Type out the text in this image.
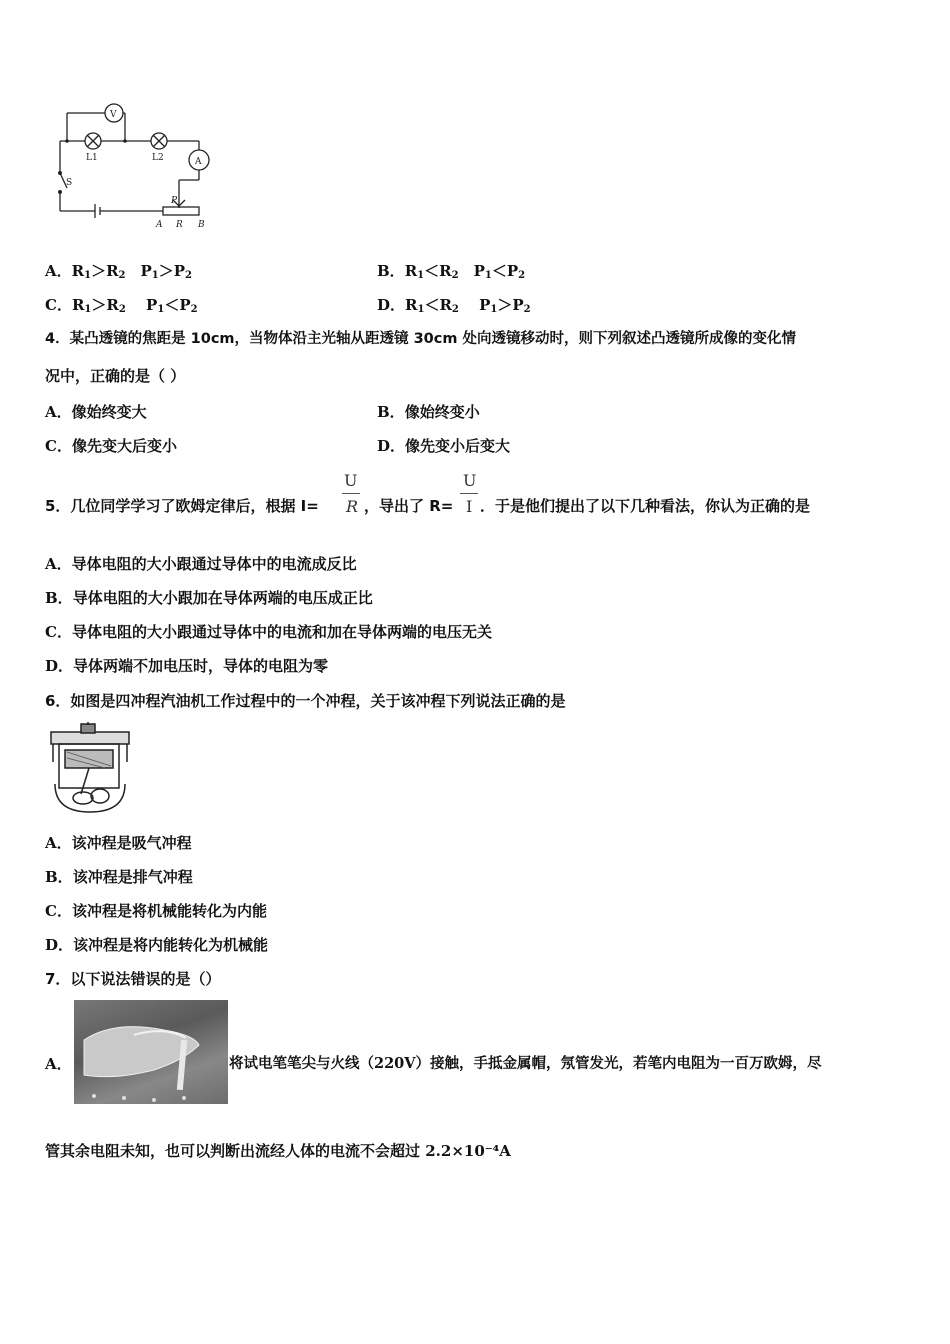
V
A
L1	L2
S
P
A R B
A．$R_1>R_2$　$P_1>P_2$	B．$R_1<R_2$　$P_1<P_2$
C．$R_1>R_2$　 $P_1<P_2$	D．$R_1<R_2$　 $P_1>P_2$
4．某凸透镜的焦距是 10cm，当物体沿主光轴从距透镜 30cm 处向透镜移动时，则下列叙述凸透镜所成像的变化情
况中，正确的是（ ）
A．像始终变大	B．像始终变小
C．像先变大后变小	D．像先变小后变大
5．几位同学学习了欧姆定律后，根据 I=
U
R ，导出了 R=
U
I ．于是他们提出了以下几种看法，你认为正确的是
A．导体电阻的大小跟通过导体中的电流成反比
B．导体电阻的大小跟加在导体两端的电压成正比
C．导体电阻的大小跟通过导体中的电流和加在导体两端的电压无关
D．导体两端不加电压时，导体的电阻为零
6．如图是四冲程汽油机工作过程中的一个冲程，关于该冲程下列说法正确的是
A．该冲程是吸气冲程
B．该冲程是排气冲程
C．该冲程是将机械能转化为内能
D．该冲程是将内能转化为机械能
7．以下说法错误的是（）
A．	将试电笔笔尖与火线（220V）接触，手抵金属帽，氖管发光，若笔内电阻为一百万欧姆，尽
管其余电阻未知，也可以判断出流经人体的电流不会超过 2.2×10⁻⁴A
